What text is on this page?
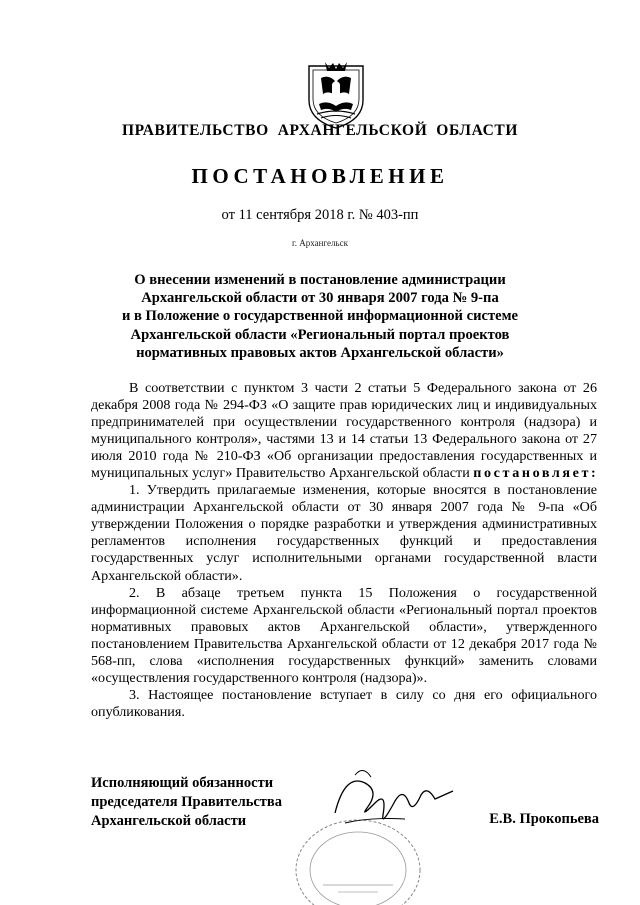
ПРАВИТЕЛЬСТВО  АРХАНГЕЛЬСКОЙ  ОБЛАСТИ
ПОСТАНОВЛЕНИЕ
от 11 сентября 2018 г. № 403-пп
г. Архангельск
О внесении изменений в постановление администрации
Архангельской области от 30 января 2007 года № 9-па
и в Положение о государственной информационной системе
Архангельской области «Региональный портал проектов
нормативных правовых актов Архангельской области»

В соответствии с пунктом 3 части 2 статьи 5 Федерального закона от 26 декабря 2008 года № 294-ФЗ «О защите прав юридических лиц и индивидуальных предпринимателей при осуществлении государственного контроля (надзора) и муниципального контроля», частями 13 и 14 статьи 13 Федерального закона от 27 июля 2010 года № 210-ФЗ «Об организации предоставления государственных и муниципальных услуг» Правительство Архангельской области постановляет:

1. Утвердить прилагаемые изменения, которые вносятся в постановление администрации Архангельской области от 30 января 2007 года № 9-па «Об утверждении Положения о порядке разработки и утверждения административных регламентов исполнения государственных функций и предоставления государственных услуг исполнительными органами государственной власти Архангельской области».

2. В абзаце третьем пункта 15 Положения о государственной информационной системе Архангельской области «Региональный портал проектов нормативных правовых актов Архангельской области», утвержденного постановлением Правительства Архангельской области от 12 декабря 2017 года № 568-пп, слова «исполнения государственных функций» заменить словами «осуществления государственного контроля (надзора)».

3. Настоящее постановление вступает в силу со дня его официального опубликования.

Исполняющий обязанности
председателя Правительства
Архангельской области	Е.В. Прокопьева
